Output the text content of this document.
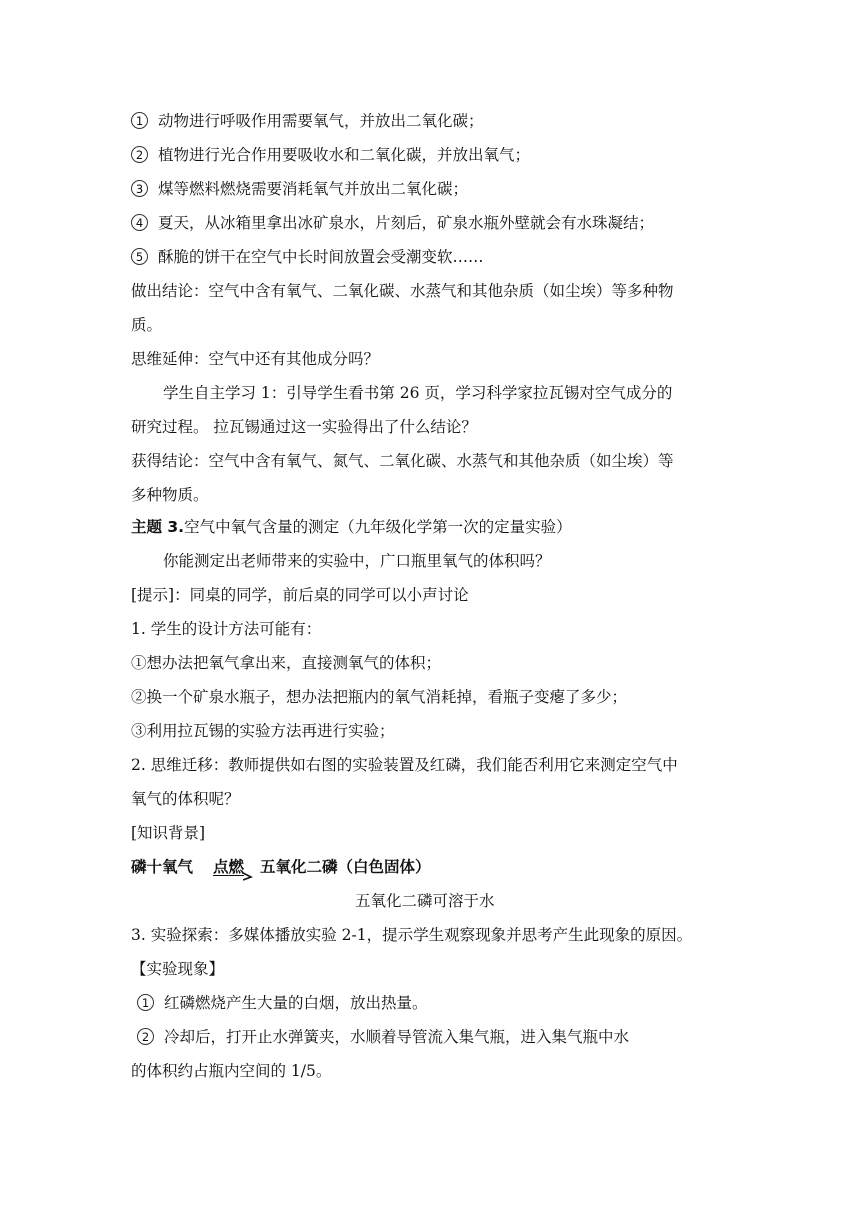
1 动物进行呼吸作用需要氧气，并放出二氧化碳；
2 植物进行光合作用要吸收水和二氧化碳，并放出氧气；
3 煤等燃料燃烧需要消耗氧气并放出二氧化碳；
4 夏天，从冰箱里拿出冰矿泉水，片刻后，矿泉水瓶外壁就会有水珠凝结；
5 酥脆的饼干在空气中长时间放置会受潮变软……
做出结论：空气中含有氧气、二氧化碳、水蒸气和其他杂质（如尘埃）等多种物
质。
思维延伸：空气中还有其他成分吗？
学生自主学习 1：引导学生看书第 26 页，学习科学家拉瓦锡对空气成分的
研究过程。 拉瓦锡通过这一实验得出了什么结论？
获得结论：空气中含有氧气、氮气、二氧化碳、水蒸气和其他杂质（如尘埃）等
多种物质。
主题 3.空气中氧气含量的测定（九年级化学第一次的定量实验）
你能测定出老师带来的实验中，广口瓶里氧气的体积吗？
[提示]：同桌的同学，前后桌的同学可以小声讨论
1. 学生的设计方法可能有：
①想办法把氧气拿出来，直接测氧气的体积；
②换一个矿泉水瓶子，想办法把瓶内的氧气消耗掉，看瓶子变瘪了多少；
③利用拉瓦锡的实验方法再进行实验；
2. 思维迁移：教师提供如右图的实验装置及红磷，我们能否利用它来测定空气中
氧气的体积呢？
[知识背景]
磷十氧气 点燃 五氧化二磷（白色固体）
五氧化二磷可溶于水
3. 实验探索：多媒体播放实验 2-1，提示学生观察现象并思考产生此现象的原因。
【实验现象】
1 红磷燃烧产生大量的白烟，放出热量。
2 冷却后，打开止水弹簧夹，水顺着导管流入集气瓶，进入集气瓶中水
的体积约占瓶内空间的 1/5。
